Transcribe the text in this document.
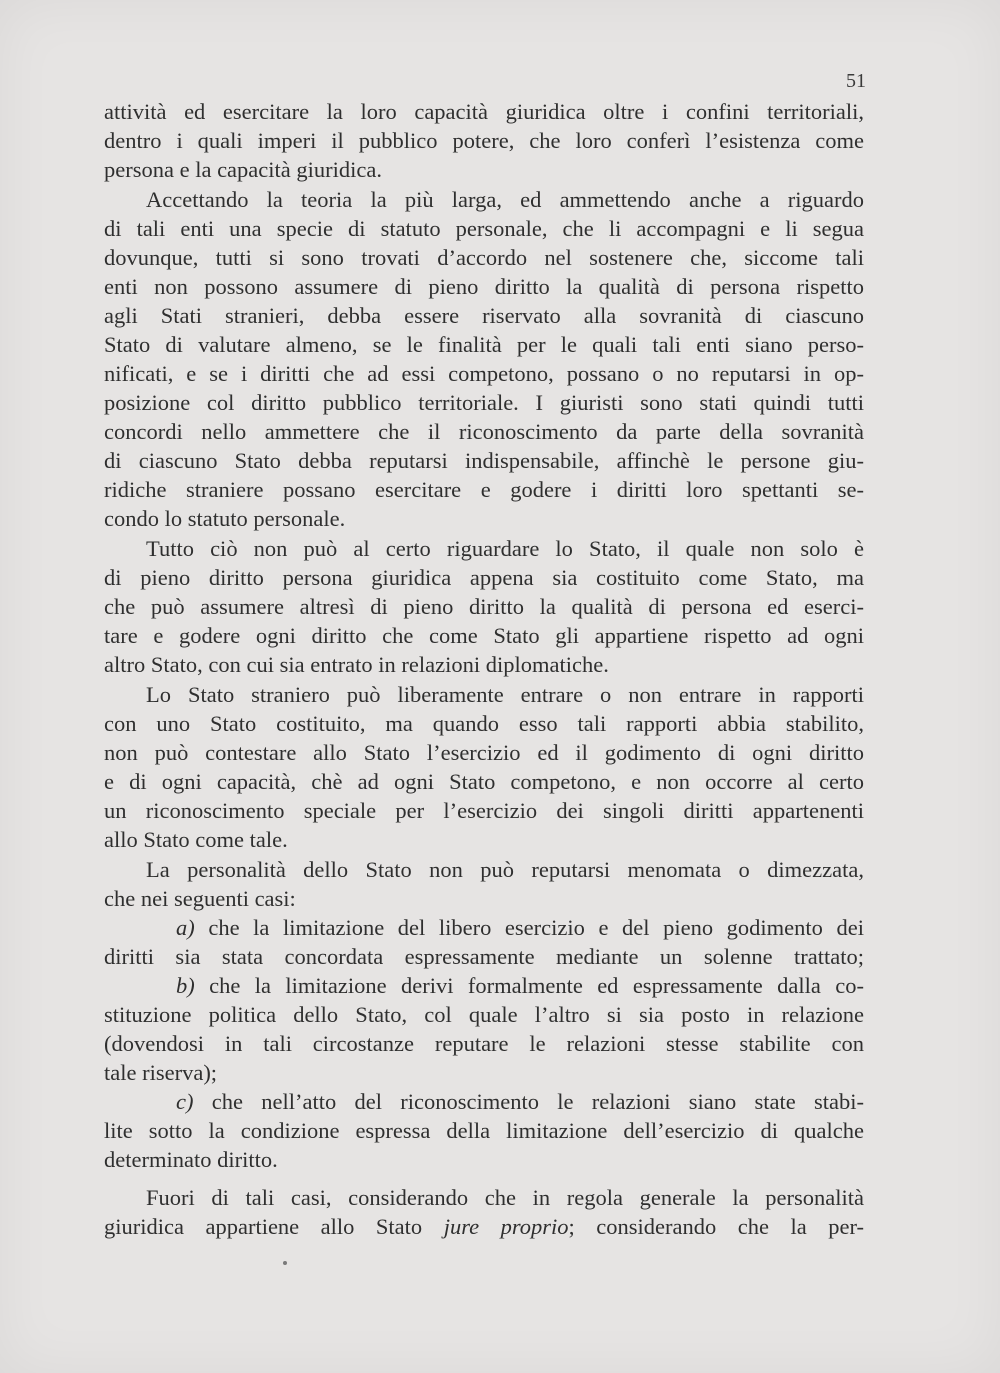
51
attività ed esercitare la loro capacità giuridica oltre i confini territoriali,
dentro i quali imperi il pubblico potere, che loro conferì l’esistenza come
persona e la capacità giuridica.
Accettando la teoria la più larga, ed ammettendo anche a riguardo
di tali enti una specie di statuto personale, che li accompagni e li segua
dovunque, tutti si sono trovati d’accordo nel sostenere che, siccome tali
enti non possono assumere di pieno diritto la qualità di persona rispetto
agli Stati stranieri, debba essere riservato alla sovranità di ciascuno
Stato di valutare almeno, se le finalità per le quali tali enti siano perso-
nificati, e se i diritti che ad essi competono, possano o no reputarsi in op-
posizione col diritto pubblico territoriale. I giuristi sono stati quindi tutti
concordi nello ammettere che il riconoscimento da parte della sovranità
di ciascuno Stato debba reputarsi indispensabile, affinchè le persone giu-
ridiche straniere possano esercitare e godere i diritti loro spettanti se-
condo lo statuto personale.
Tutto ciò non può al certo riguardare lo Stato, il quale non solo è
di pieno diritto persona giuridica appena sia costituito come Stato, ma
che può assumere altresì di pieno diritto la qualità di persona ed eserci-
tare e godere ogni diritto che come Stato gli appartiene rispetto ad ogni
altro Stato, con cui sia entrato in relazioni diplomatiche.
Lo Stato straniero può liberamente entrare o non entrare in rapporti
con uno Stato costituito, ma quando esso tali rapporti abbia stabilito,
non può contestare allo Stato l’esercizio ed il godimento di ogni diritto
e di ogni capacità, chè ad ogni Stato competono, e non occorre al certo
un riconoscimento speciale per l’esercizio dei singoli diritti appartenenti
allo Stato come tale.
La personalità dello Stato non può reputarsi menomata o dimezzata,
che nei seguenti casi:
a) che la limitazione del libero esercizio e del pieno godimento dei
diritti sia stata concordata espressamente mediante un solenne trattato;
b) che la limitazione derivi formalmente ed espressamente dalla co-
stituzione politica dello Stato, col quale l’altro si sia posto in relazione
(dovendosi in tali circostanze reputare le relazioni stesse stabilite con
tale riserva);
c) che nell’atto del riconoscimento le relazioni siano state stabi-
lite sotto la condizione espressa della limitazione dell’esercizio di qualche
determinato diritto.
Fuori di tali casi, considerando che in regola generale la personalità
giuridica appartiene allo Stato jure proprio; considerando che la per-
